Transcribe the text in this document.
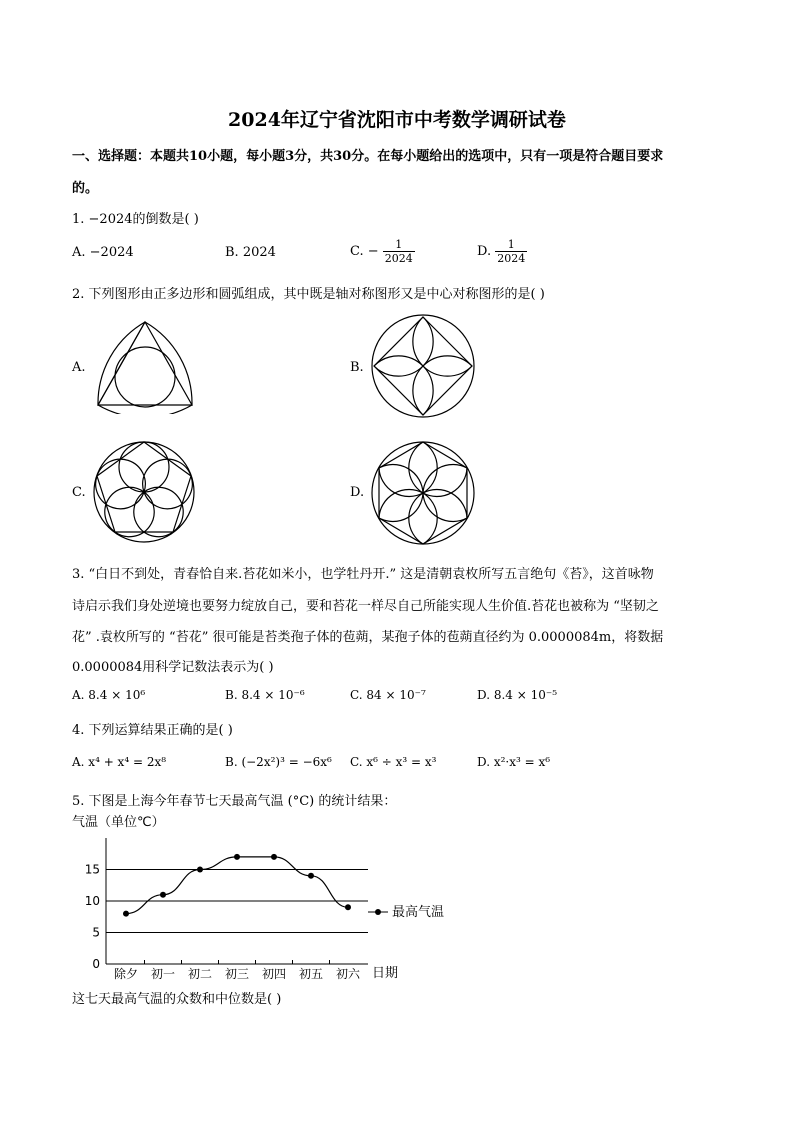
2024年辽宁省沈阳市中考数学调研试卷
一、选择题：本题共10小题，每小题3分，共30分。在每小题给出的选项中，只有一项是符合题目要求
的。
1. −2024的倒数是( )
A. −2024	B. 2024	C. − $\frac{1}{2024}$	D. $\frac{1}{2024}$
2. 下列图形由正多边形和圆弧组成，其中既是轴对称图形又是中心对称图形的是( )
A.	B.
C.	D.
3. “白日不到处，青春恰自来.苔花如米小，也学牡丹开.” 这是清朝袁枚所写五言绝句《苔》，这首咏物
诗启示我们身处逆境也要努力绽放自己，要和苔花一样尽自己所能实现人生价值.苔花也被称为 “坚韧之
花” .袁枚所写的 “苔花” 很可能是苔类孢子体的苞蒴，某孢子体的苞蒴直径约为 0.0000084m，将数据
0.0000084用科学记数法表示为( )
A. 8.4 × 10⁶	B. 8.4 × 10⁻⁶	C. 84 × 10⁻⁷	D. 8.4 × 10⁻⁵
4. 下列运算结果正确的是( )
A. x⁴ + x⁴ = 2x⁸	B. (−2x²)³ = −6x⁶ C. x⁶ ÷ x³ = x³	D. x²·x³ = x⁶
5. 下图是上海今年春节七天最高气温 (°C) 的统计结果：
气温（单位℃）
日期
除夕 初一 初二 初三 初四 初五 初六
0
5
10
15
最高气温
这七天最高气温的众数和中位数是( )
